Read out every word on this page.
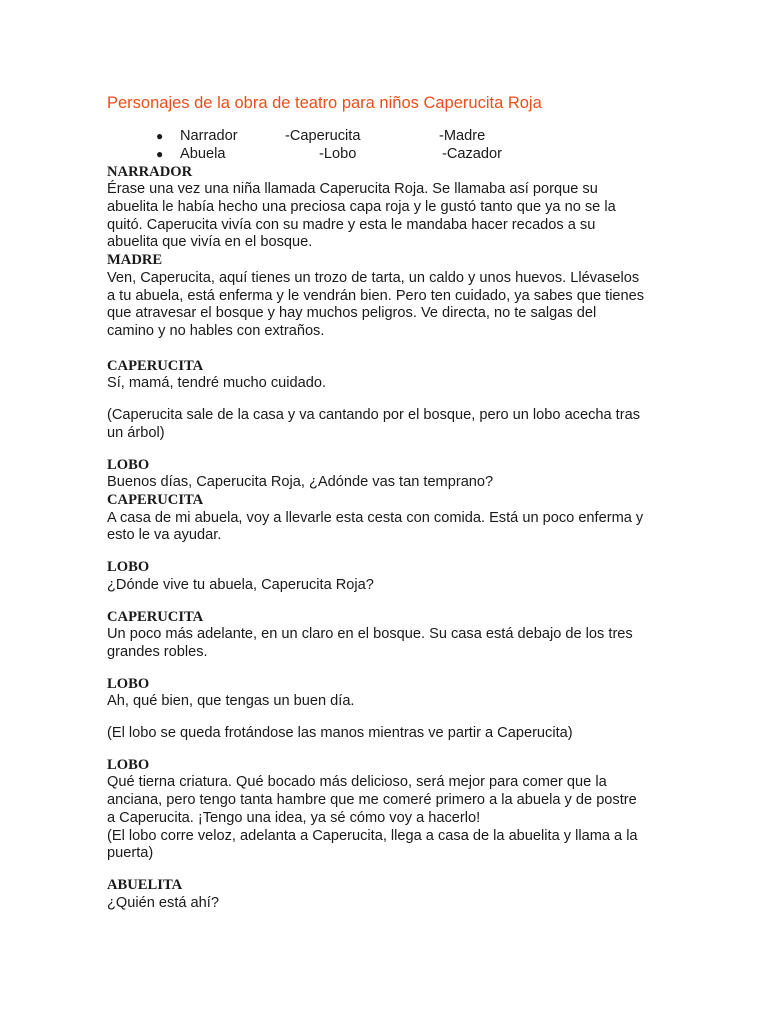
Personajes de la obra de teatro para niños Caperucita Roja
● Narrador	-Caperucita	-Madre
● Abuela	-Lobo	-Cazador
NARRADOR
Érase una vez una niña llamada Caperucita Roja. Se llamaba así porque su
abuelita le había hecho una preciosa capa roja y le gustó tanto que ya no se la
quitó. Caperucita vivía con su madre y esta le mandaba hacer recados a su
abuelita que vivía en el bosque.
MADRE
Ven, Caperucita, aquí tienes un trozo de tarta, un caldo y unos huevos. Llévaselos
a tu abuela, está enferma y le vendrán bien. Pero ten cuidado, ya sabes que tienes
que atravesar el bosque y hay muchos peligros. Ve directa, no te salgas del
camino y no hables con extraños.
CAPERUCITA
Sí, mamá, tendré mucho cuidado.
(Caperucita sale de la casa y va cantando por el bosque, pero un lobo acecha tras
un árbol)
LOBO
Buenos días, Caperucita Roja, ¿Adónde vas tan temprano?
CAPERUCITA
A casa de mi abuela, voy a llevarle esta cesta con comida. Está un poco enferma y
esto le va ayudar.
LOBO
¿Dónde vive tu abuela, Caperucita Roja?
CAPERUCITA
Un poco más adelante, en un claro en el bosque. Su casa está debajo de los tres
grandes robles.
LOBO
Ah, qué bien, que tengas un buen día.
(El lobo se queda frotándose las manos mientras ve partir a Caperucita)
LOBO
Qué tierna criatura. Qué bocado más delicioso, será mejor para comer que la
anciana, pero tengo tanta hambre que me comeré primero a la abuela y de postre
a Caperucita. ¡Tengo una idea, ya sé cómo voy a hacerlo!
(El lobo corre veloz, adelanta a Caperucita, llega a casa de la abuelita y llama a la
puerta)
ABUELITA
¿Quién está ahí?
